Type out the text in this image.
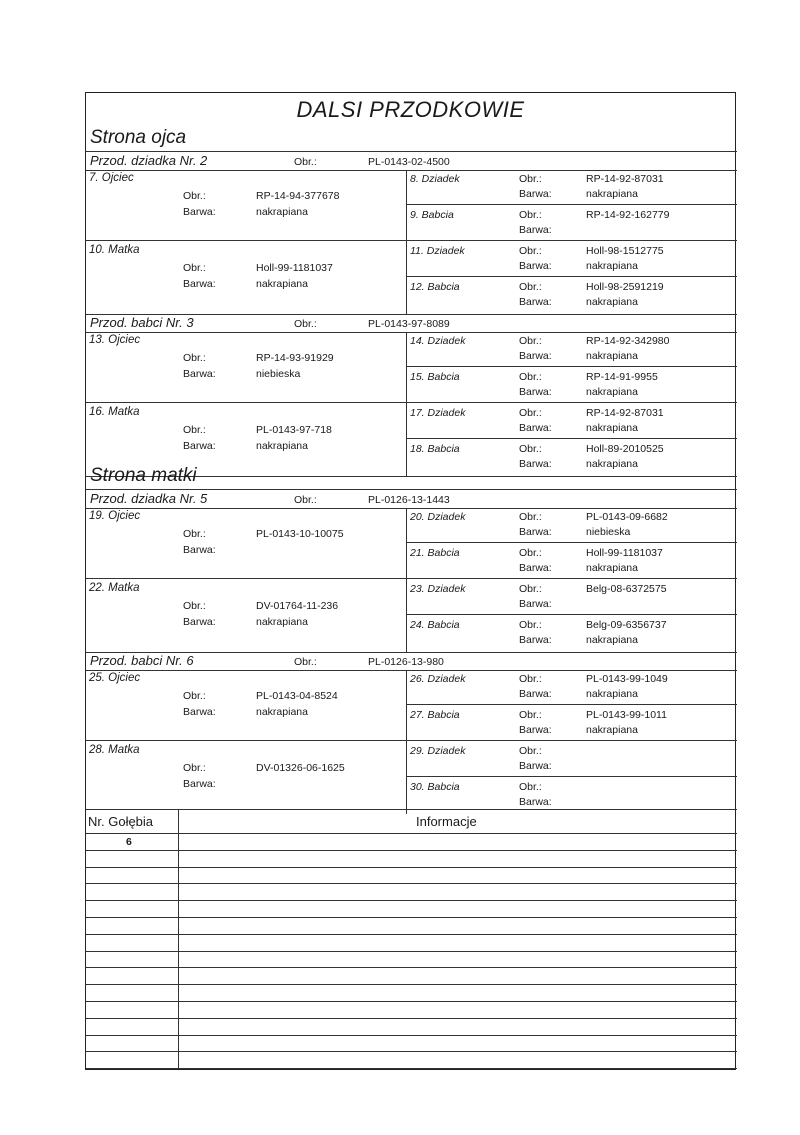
DALSI PRZODKOWIE
Strona ojca
Przod. dziadka Nr. 2	Obr.:	PL-0143-02-4500
7. Ojciec
Obr.:	RP-14-94-377678
Barwa:	nakrapiana
10. Matka
Obr.:	Holl-99-1181037
Barwa:	nakrapiana
8. Dziadek	Obr.:	RP-14-92-87031
Barwa:	nakrapiana
9. Babcia	Obr.:	RP-14-92-162779
Barwa:
11. Dziadek	Obr.:	Holl-98-1512775
Barwa:	nakrapiana
12. Babcia	Obr.:	Holl-98-2591219
Barwa:	nakrapiana
Przod. babci Nr. 3	Obr.:	PL-0143-97-8089
13. Ojciec
Obr.:	RP-14-93-91929
Barwa:	niebieska
16. Matka
Obr.:	PL-0143-97-718
Barwa:	nakrapiana
14. Dziadek	Obr.:	RP-14-92-342980
Barwa:	nakrapiana
15. Babcia	Obr.:	RP-14-91-9955
Barwa:	nakrapiana
17. Dziadek	Obr.:	RP-14-92-87031
Barwa:	nakrapiana
18. Babcia	Obr.:	Holl-89-2010525
Barwa:	nakrapiana
Strona matki
Przod. dziadka Nr. 5	Obr.:	PL-0126-13-1443
19. Ojciec
Obr.:	PL-0143-10-10075
Barwa:
22. Matka
Obr.:	DV-01764-11-236
Barwa:	nakrapiana
20. Dziadek	Obr.:	PL-0143-09-6682
Barwa:	niebieska
21. Babcia	Obr.:	Holl-99-1181037
Barwa:	nakrapiana
23. Dziadek	Obr.:	Belg-08-6372575
Barwa:
24. Babcia	Obr.:	Belg-09-6356737
Barwa:	nakrapiana
Przod. babci Nr. 6	Obr.:	PL-0126-13-980
25. Ojciec
Obr.:	PL-0143-04-8524
Barwa:	nakrapiana
28. Matka
Obr.:	DV-01326-06-1625
Barwa:
26. Dziadek	Obr.:	PL-0143-99-1049
Barwa:	nakrapiana
27. Babcia	Obr.:	PL-0143-99-1011
Barwa:	nakrapiana
29. Dziadek	Obr.:
Barwa:
30. Babcia	Obr.:
Barwa:
Nr. Gołębia	Informacje
6
